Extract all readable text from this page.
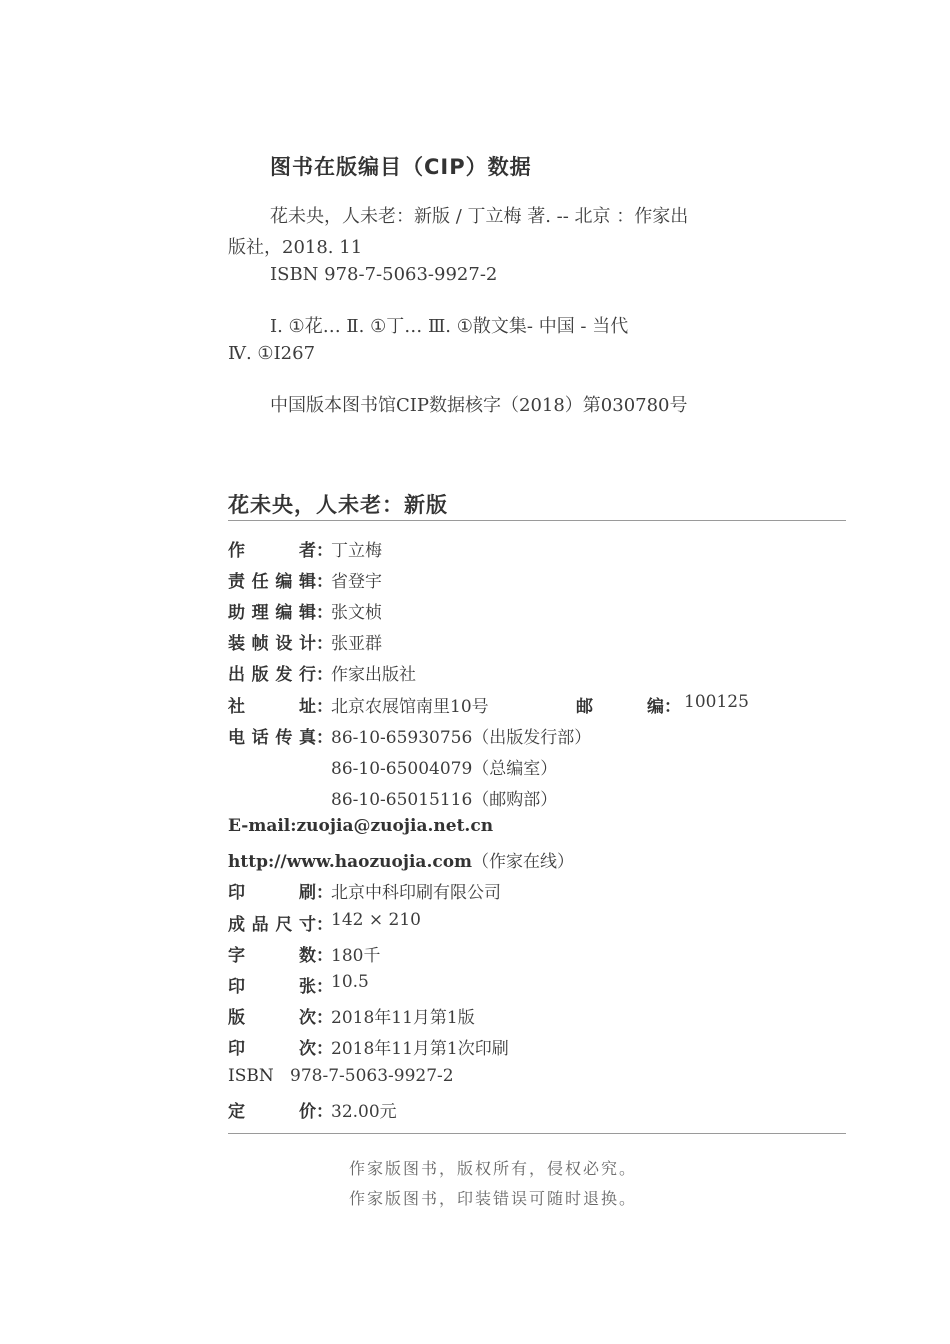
图书在版编目（CIP）数据
花未央，人未老：新版 / 丁立梅 著. -- 北京 ：作家出
版社，2018. 11
ISBN 978-7-5063-9927-2
Ⅰ. ①花… Ⅱ. ①丁… Ⅲ. ①散文集- 中国 - 当代
Ⅳ. ①I267
中国版本图书馆CIP数据核字（2018）第030780号
花未央，人未老：新版
作者：
丁立梅
责任编辑：
省登宇
助理编辑：
张文桢
装帧设计：
张亚群
出版发行：
作家出版社
社址：
北京农展馆南里10号	邮编： 100125
电话传真：
86-10-65930756（出版发行部）
86-10-65004079（总编室）
86-10-65015116（邮购部）
E-mail:zuojia@zuojia.net.cn
http://www.haozuojia.com（作家在线）
印刷：
北京中科印刷有限公司
成品尺寸：
142 × 210
字数：
180千
印张：
10.5
版次：
2018年11月第1版
印次：
2018年11月第1次印刷
ISBN 978-7-5063-9927-2
定价：
32.00元
作家版图书，版权所有，侵权必究。
作家版图书，印装错误可随时退换。
